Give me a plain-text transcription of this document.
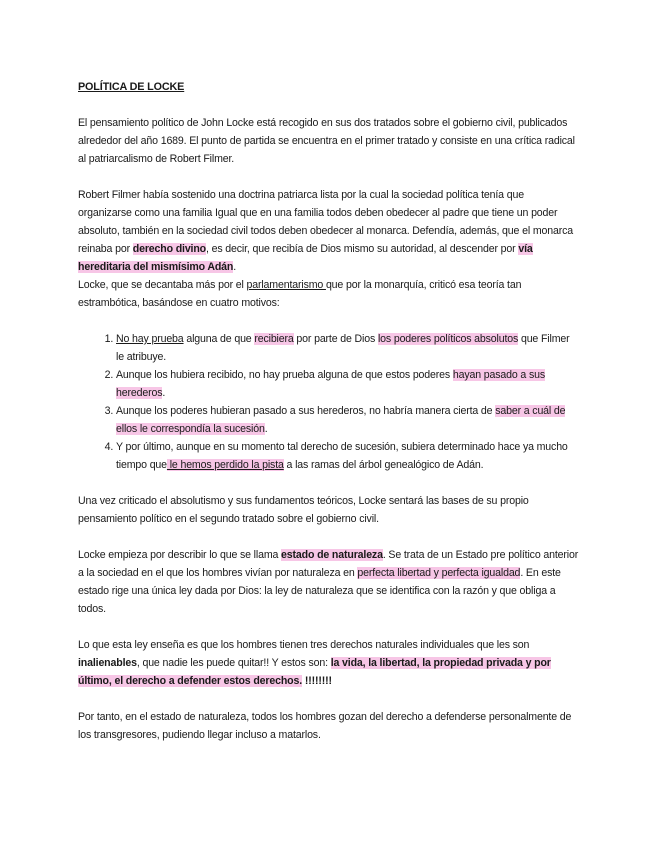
POLÍTICA DE LOCKE

El pensamiento político de John Locke está recogido en sus dos tratados sobre el gobierno civil, publicados alrededor del año 1689. El punto de partida se encuentra en el primer tratado y consiste en una crítica radical al patriarcalismo de Robert Filmer.

Robert Filmer había sostenido una doctrina patriarca lista por la cual la sociedad política tenía que organizarse como una familia Igual que en una familia todos deben obedecer al padre que tiene un poder absoluto, también en la sociedad civil todos deben obedecer al monarca. Defendía, además, que el monarca reinaba por derecho divino, es decir, que recibía de Dios mismo su autoridad, al descender por vía hereditaria del mismísimo Adán.
Locke, que se decantaba más por el parlamentarismo que por la monarquía, criticó esa teoría tan estrambótica, basándose en cuatro motivos:

1. No hay prueba alguna de que recibiera por parte de Dios los poderes políticos absolutos que Filmer le atribuye.
2. Aunque los hubiera recibido, no hay prueba alguna de que estos poderes hayan pasado a sus herederos.
3. Aunque los poderes hubieran pasado a sus herederos, no habría manera cierta de saber a cuál de ellos le correspondía la sucesión.
4. Y por último, aunque en su momento tal derecho de sucesión, subiera determinado hace ya mucho tiempo que le hemos perdido la pista a las ramas del árbol genealógico de Adán.

Una vez criticado el absolutismo y sus fundamentos teóricos, Locke sentará las bases de su propio pensamiento político en el segundo tratado sobre el gobierno civil.

Locke empieza por describir lo que se llama estado de naturaleza. Se trata de un Estado pre político anterior a la sociedad en el que los hombres vivían por naturaleza en perfecta libertad y perfecta igualdad. En este estado rige una única ley dada por Dios: la ley de naturaleza que se identifica con la razón y que obliga a todos.

Lo que esta ley enseña es que los hombres tienen tres derechos naturales individuales que les son inalienables, que nadie les puede quitar!! Y estos son: la vida, la libertad, la propiedad privada y por último, el derecho a defender estos derechos. !!!!!!!!

Por tanto, en el estado de naturaleza, todos los hombres gozan del derecho a defenderse personalmente de los transgresores, pudiendo llegar incluso a matarlos.
